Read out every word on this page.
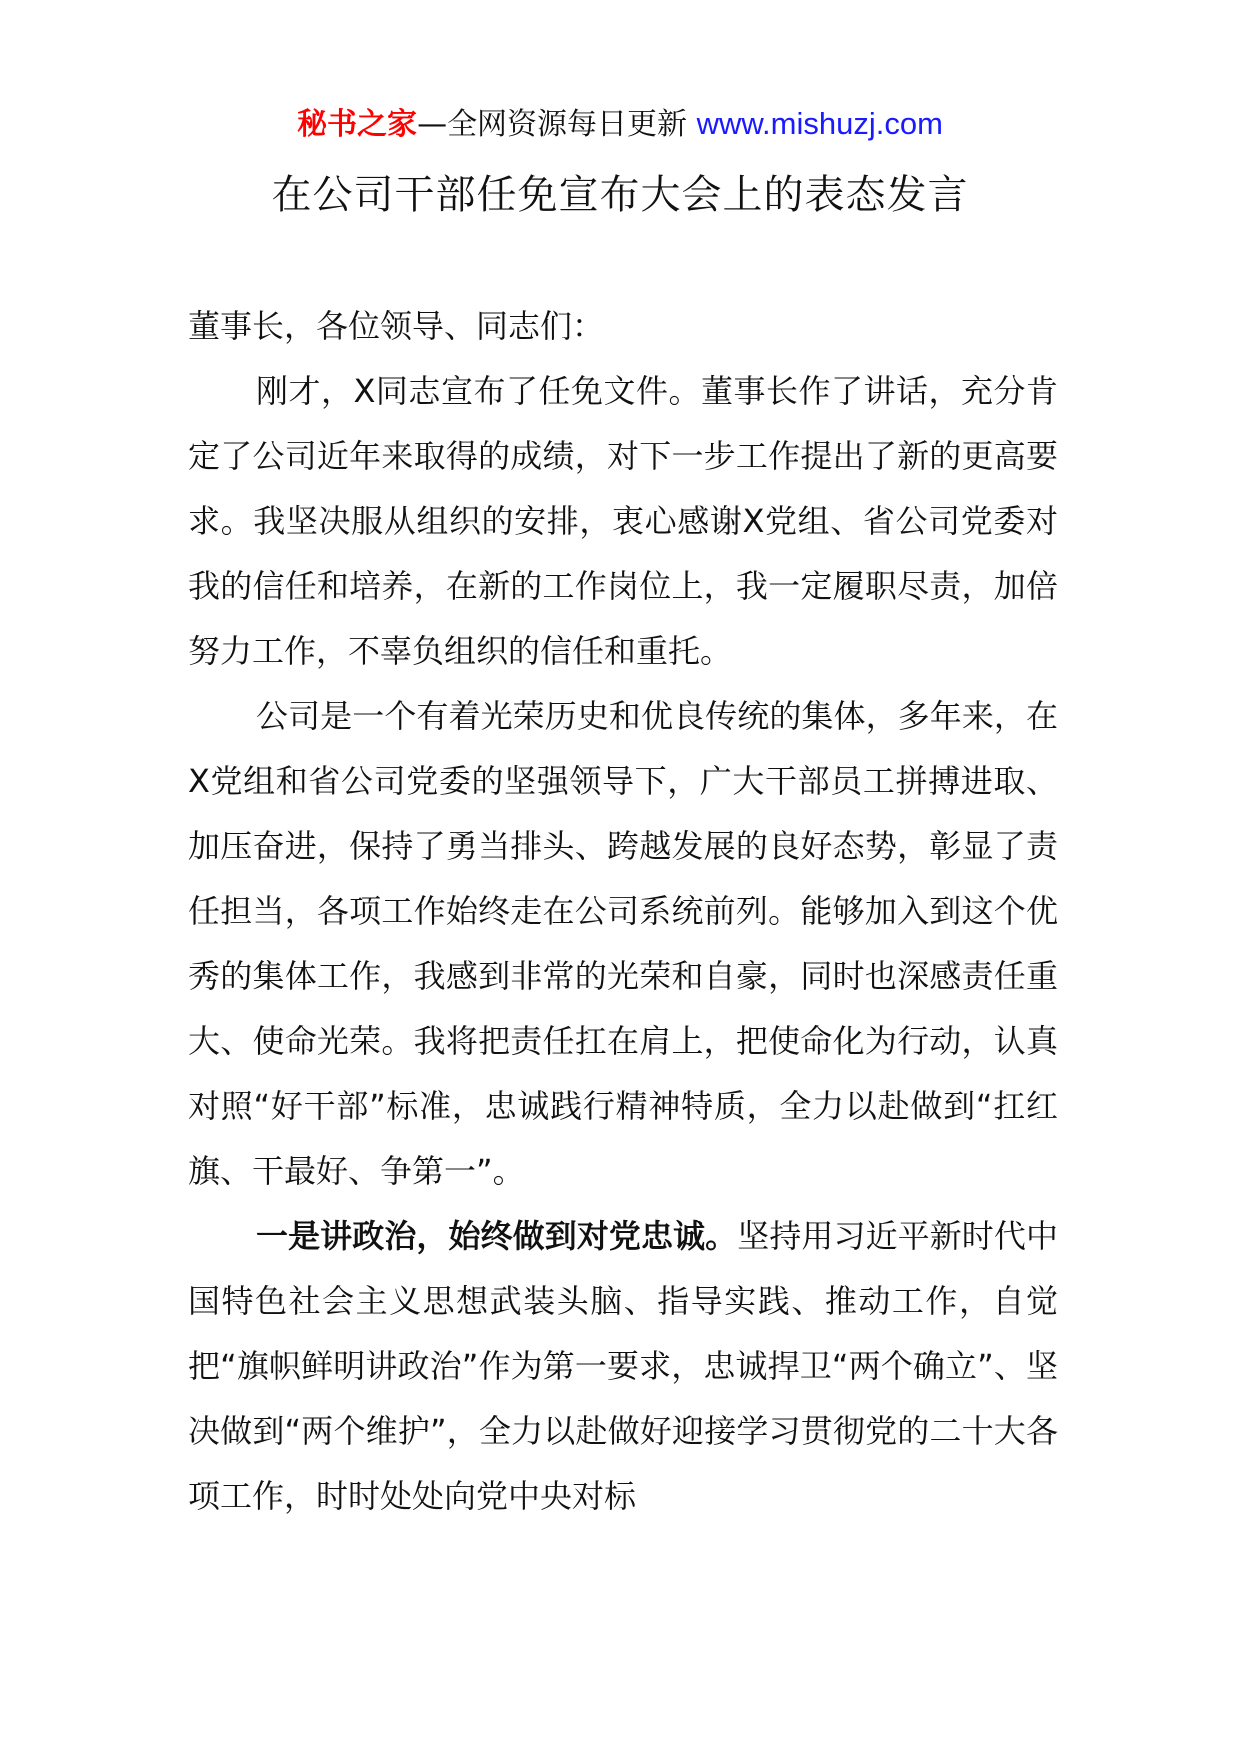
秘书之家—全网资源每日更新 www.mishuzj.com
在公司干部任免宣布大会上的表态发言

董事长，各位领导、同志们：

刚才，X同志宣布了任免文件。董事长作了讲话，充分肯定了公司近年来取得的成绩，对下一步工作提出了新的更高要求。我坚决服从组织的安排，衷心感谢X党组、省公司党委对我的信任和培养，在新的工作岗位上，我一定履职尽责，加倍努力工作，不辜负组织的信任和重托。

公司是一个有着光荣历史和优良传统的集体，多年来，在X党组和省公司党委的坚强领导下，广大干部员工拼搏进取、加压奋进，保持了勇当排头、跨越发展的良好态势，彰显了责任担当，各项工作始终走在公司系统前列。能够加入到这个优秀的集体工作，我感到非常的光荣和自豪，同时也深感责任重大、使命光荣。我将把责任扛在肩上，把使命化为行动，认真对照“好干部”标准，忠诚践行精神特质，全力以赴做到“扛红旗、干最好、争第一”。

一是讲政治，始终做到对党忠诚。坚持用习近平新时代中国特色社会主义思想武装头脑、指导实践、推动工作，自觉把“旗帜鲜明讲政治”作为第一要求，忠诚捍卫“两个确立”、坚决做到“两个维护”，全力以赴做好迎接学习贯彻党的二十大各项工作，时时处处向党中央对标
